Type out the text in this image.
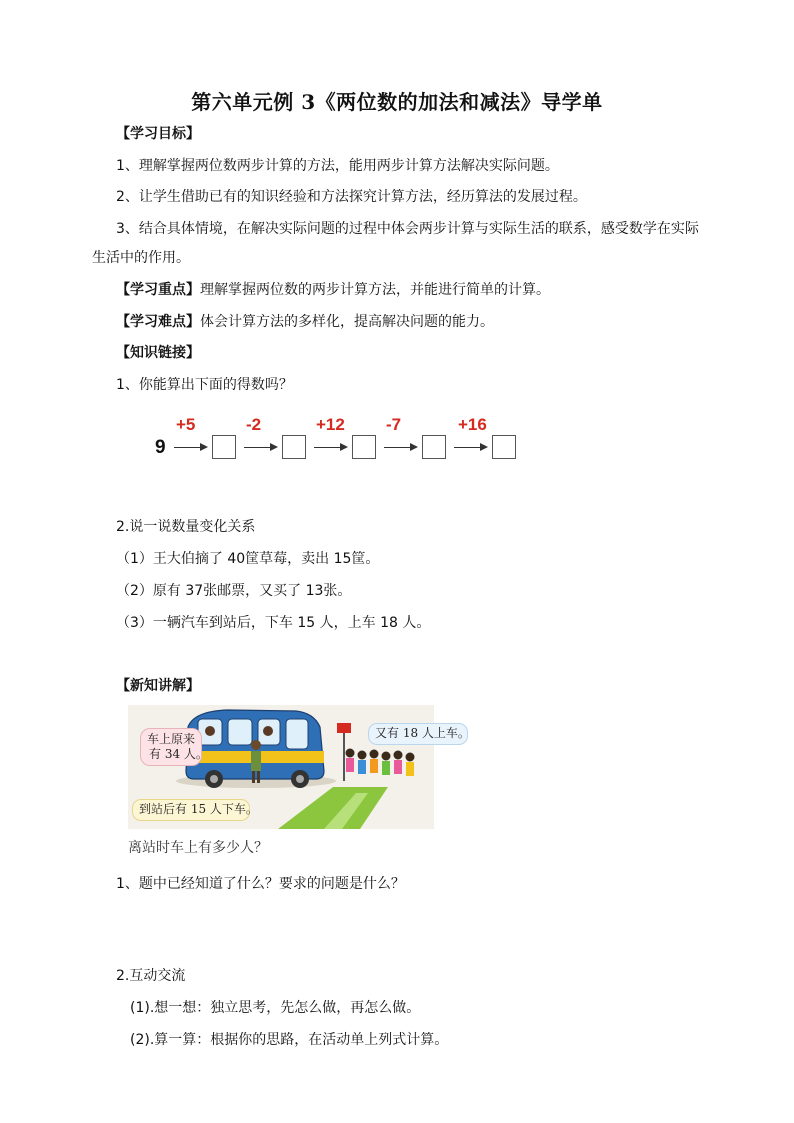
第六单元例 3《两位数的加法和减法》导学单
【学习目标】
1、理解掌握两位数两步计算的方法，能用两步计算方法解决实际问题。
2、让学生借助已有的知识经验和方法探究计算方法，经历算法的发展过程。
3、结合具体情境，在解决实际问题的过程中体会两步计算与实际生活的联系，感受数学在实际
生活中的作用。
【学习重点】理解掌握两位数的两步计算方法，并能进行简单的计算。
【学习难点】体会计算方法的多样化，提高解决问题的能力。
【知识链接】
1、你能算出下面的得数吗？
9
+5	-2	+12 -7	+16
2.说一说数量变化关系
（1）王大伯摘了 40筐草莓，卖出 15筐。
（2）原有 37张邮票，又买了 13张。
（3）一辆汽车到站后，下车 15 人，上车 18 人。
【新知讲解】
车上原来
有 34 人。
又有 18 人上车。
到站后有 15 人下车。
离站时车上有多少人？
1、题中已经知道了什么？要求的问题是什么？
2.互动交流
(1).想一想：独立思考，先怎么做，再怎么做。
(2).算一算：根据你的思路，在活动单上列式计算。
